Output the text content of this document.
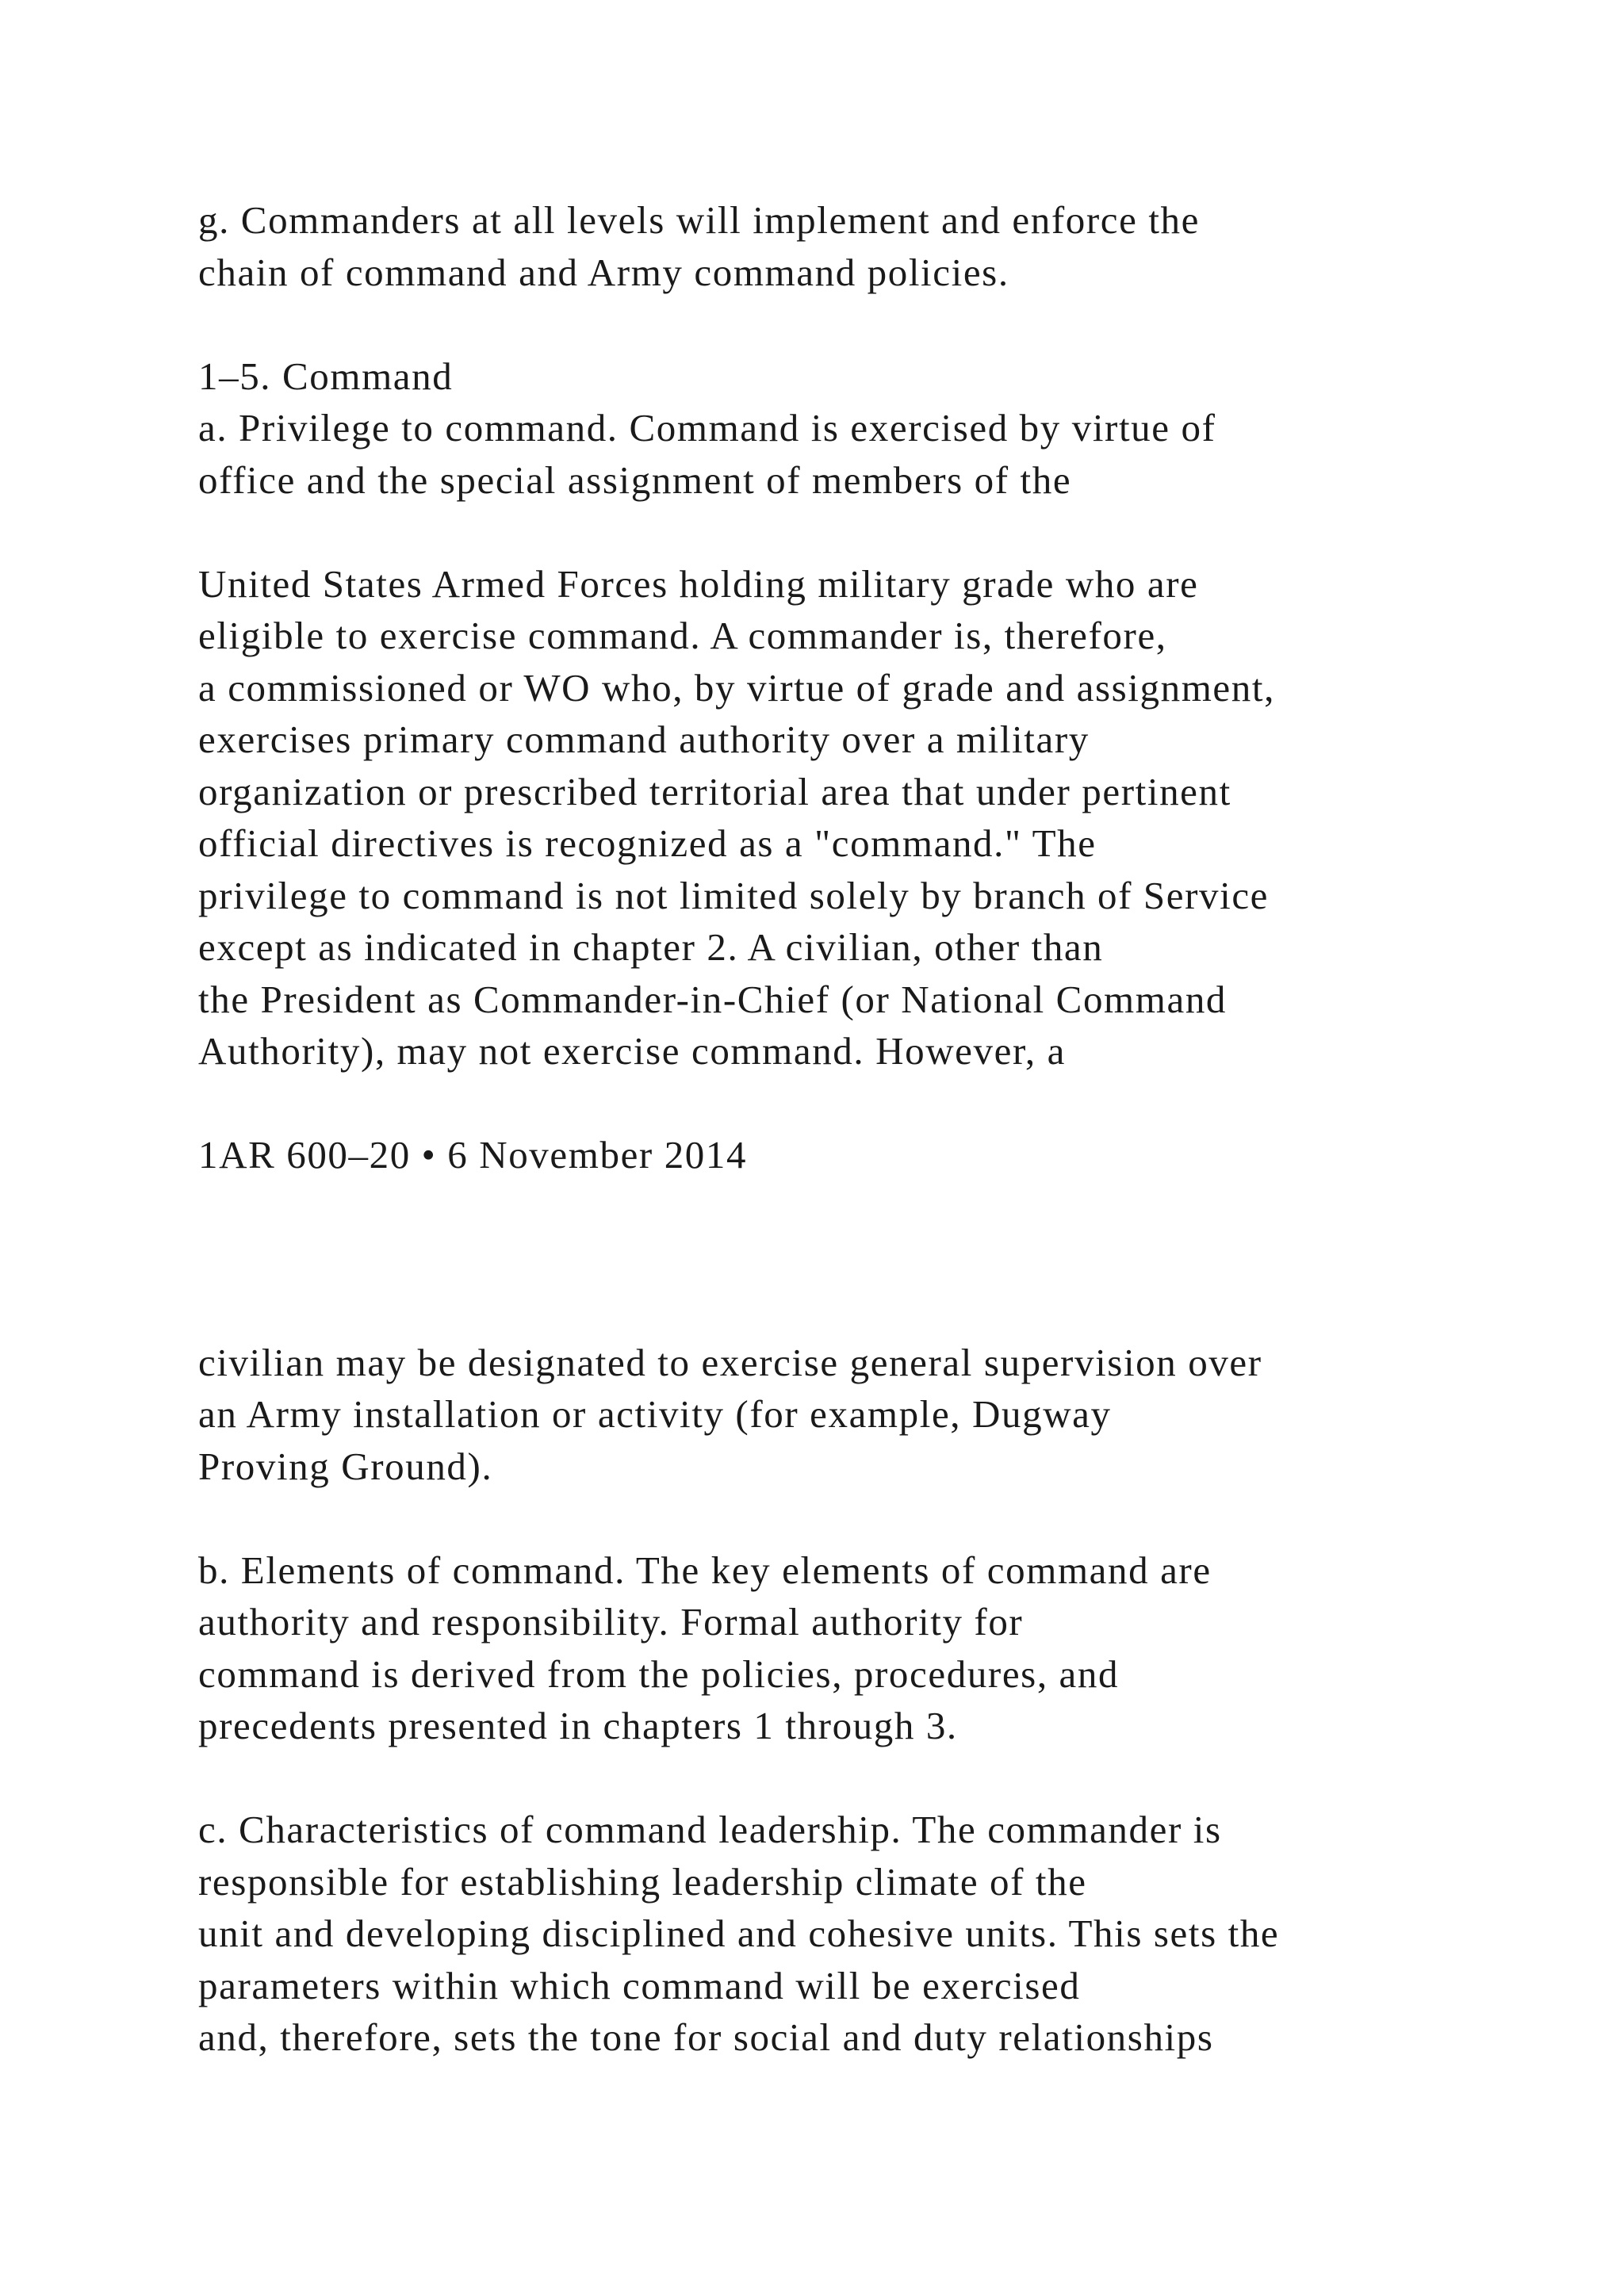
g. Commanders at all levels will implement and enforce the
chain of command and Army command policies.
1–5. Command
a. Privilege to command. Command is exercised by virtue of
office and the special assignment of members of the
United States Armed Forces holding military grade who are
eligible to exercise command. A commander is, therefore,
a commissioned or WO who, by virtue of grade and assignment,
exercises primary command authority over a military
organization or prescribed territorial area that under pertinent
official directives is recognized as a "command." The
privilege to command is not limited solely by branch of Service
except as indicated in chapter 2. A civilian, other than
the President as Commander-in-Chief (or National Command
Authority), may not exercise command. However, a
1AR 600–20 • 6 November 2014
civilian may be designated to exercise general supervision over
an Army installation or activity (for example, Dugway
Proving Ground).
b. Elements of command. The key elements of command are
authority and responsibility. Formal authority for
command is derived from the policies, procedures, and
precedents presented in chapters 1 through 3.
c. Characteristics of command leadership. The commander is
responsible for establishing leadership climate of the
unit and developing disciplined and cohesive units. This sets the
parameters within which command will be exercised
and, therefore, sets the tone for social and duty relationships
